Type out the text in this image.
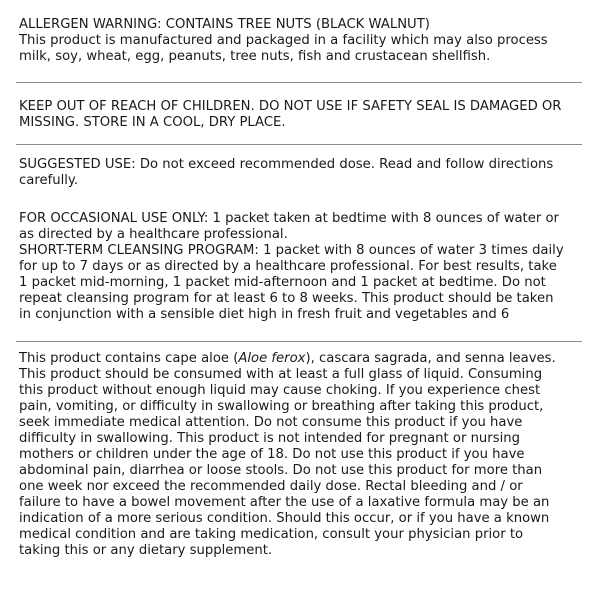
ALLERGEN WARNING: CONTAINS TREE NUTS (BLACK WALNUT)
This product is manufactured and packaged in a facility which may also process
milk, soy, wheat, egg, peanuts, tree nuts, fish and crustacean shellfish.

KEEP OUT OF REACH OF CHILDREN. DO NOT USE IF SAFETY SEAL IS DAMAGED OR
MISSING. STORE IN A COOL, DRY PLACE.

SUGGESTED USE: Do not exceed recommended dose. Read and follow directions
carefully.

FOR OCCASIONAL USE ONLY: 1 packet taken at bedtime with 8 ounces of water or
as directed by a healthcare professional.
SHORT-TERM CLEANSING PROGRAM: 1 packet with 8 ounces of water 3 times daily
for up to 7 days or as directed by a healthcare professional. For best results, take
1 packet mid-morning, 1 packet mid-afternoon and 1 packet at bedtime. Do not
repeat cleansing program for at least 6 to 8 weeks. This product should be taken
in conjunction with a sensible diet high in fresh fruit and vegetables and 6

This product contains cape aloe (Aloe ferox), cascara sagrada, and senna leaves.
This product should be consumed with at least a full glass of liquid. Consuming
this product without enough liquid may cause choking. If you experience chest
pain, vomiting, or difficulty in swallowing or breathing after taking this product,
seek immediate medical attention. Do not consume this product if you have
difficulty in swallowing. This product is not intended for pregnant or nursing
mothers or children under the age of 18. Do not use this product if you have
abdominal pain, diarrhea or loose stools. Do not use this product for more than
one week nor exceed the recommended daily dose. Rectal bleeding and / or
failure to have a bowel movement after the use of a laxative formula may be an
indication of a more serious condition. Should this occur, or if you have a known
medical condition and are taking medication, consult your physician prior to
taking this or any dietary supplement.
